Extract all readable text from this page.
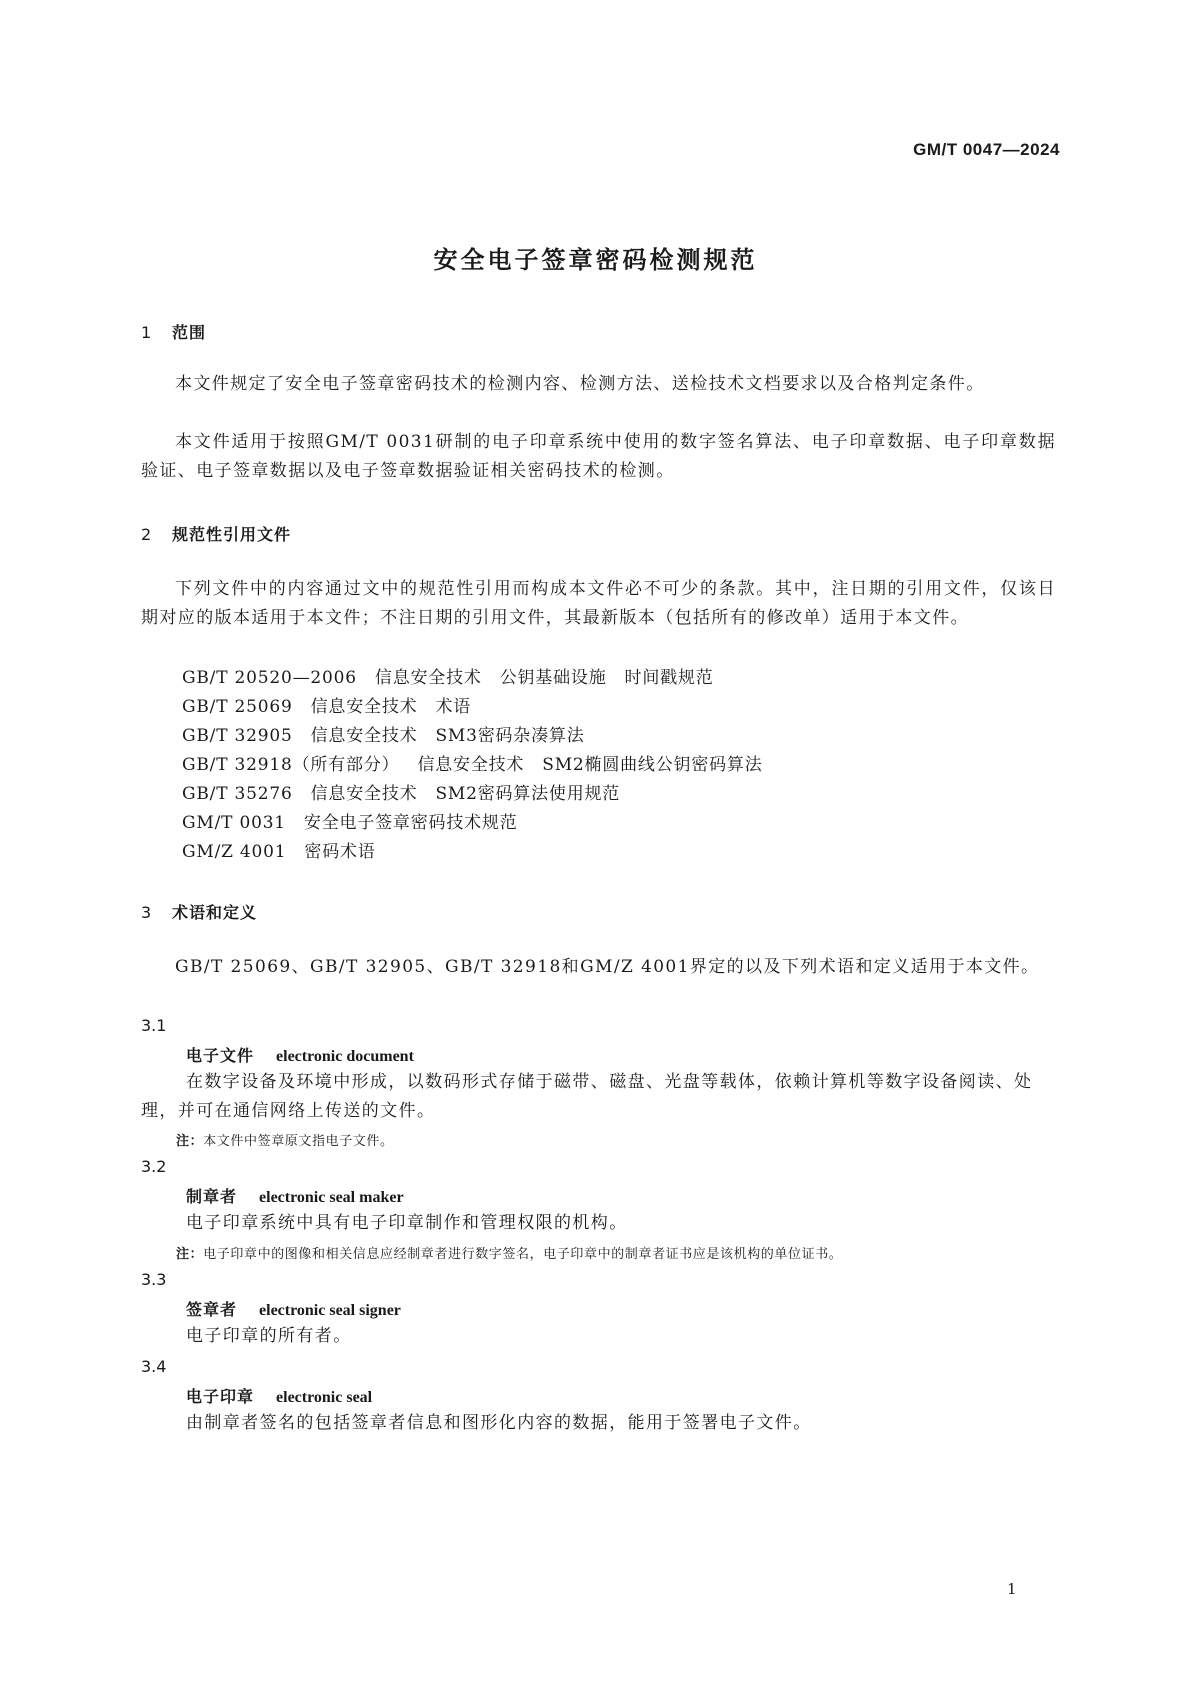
GM/T 0047—2024
安全电子签章密码检测规范
1 范围
本文件规定了安全电子签章密码技术的检测内容、检测方法、送检技术文档要求以及合格判定条件。
本文件适用于按照GM/T 0031研制的电子印章系统中使用的数字签名算法、电子印章数据、电子印章数据验证、电子签章数据以及电子签章数据验证相关密码技术的检测。
2 规范性引用文件
下列文件中的内容通过文中的规范性引用而构成本文件必不可少的条款。其中，注日期的引用文件，仅该日期对应的版本适用于本文件；不注日期的引用文件，其最新版本（包括所有的修改单）适用于本文件。
GB/T 20520—2006 信息安全技术 公钥基础设施 时间戳规范
GB/T 25069 信息安全技术 术语
GB/T 32905 信息安全技术 SM3密码杂凑算法
GB/T 32918（所有部分） 信息安全技术 SM2椭圆曲线公钥密码算法
GB/T 35276 信息安全技术 SM2密码算法使用规范
GM/T 0031 安全电子签章密码技术规范
GM/Z 4001 密码术语
3 术语和定义
GB/T 25069、GB/T 32905、GB/T 32918和GM/Z 4001界定的以及下列术语和定义适用于本文件。
3.1
电子文件 electronic document
在数字设备及环境中形成，以数码形式存储于磁带、磁盘、光盘等载体，依赖计算机等数字设备阅读、处理，并可在通信网络上传送的文件。
注：本文件中签章原文指电子文件。
3.2
制章者 electronic seal maker
电子印章系统中具有电子印章制作和管理权限的机构。
注：电子印章中的图像和相关信息应经制章者进行数字签名，电子印章中的制章者证书应是该机构的单位证书。
3.3
签章者 electronic seal signer
电子印章的所有者。
3.4
电子印章 electronic seal
由制章者签名的包括签章者信息和图形化内容的数据，能用于签署电子文件。
1
